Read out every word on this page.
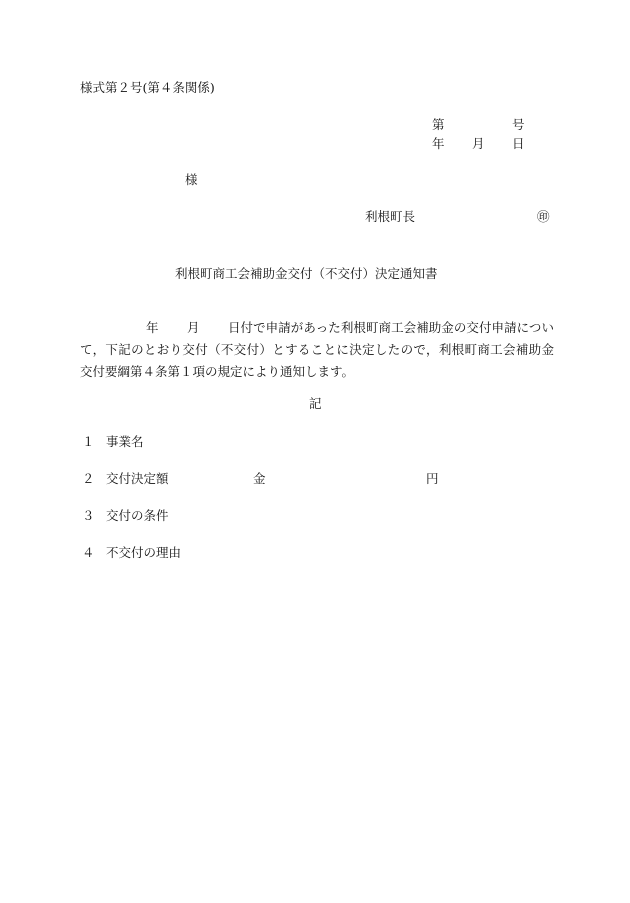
様式第２号(第４条関係)
第	号
年 月 日
様
利根町長	㊞
利根町商工会補助金交付（不交付）決定通知書
年 月	日付で申請があった利根町商工会補助金の交付申請について，下記のとおり交付（不交付）とすることに決定したので，利根町商工会補助金交付要綱第４条第１項の規定により通知します。
記
１ 事業名
２ 交付決定額	金	円
３ 交付の条件
４ 不交付の理由
